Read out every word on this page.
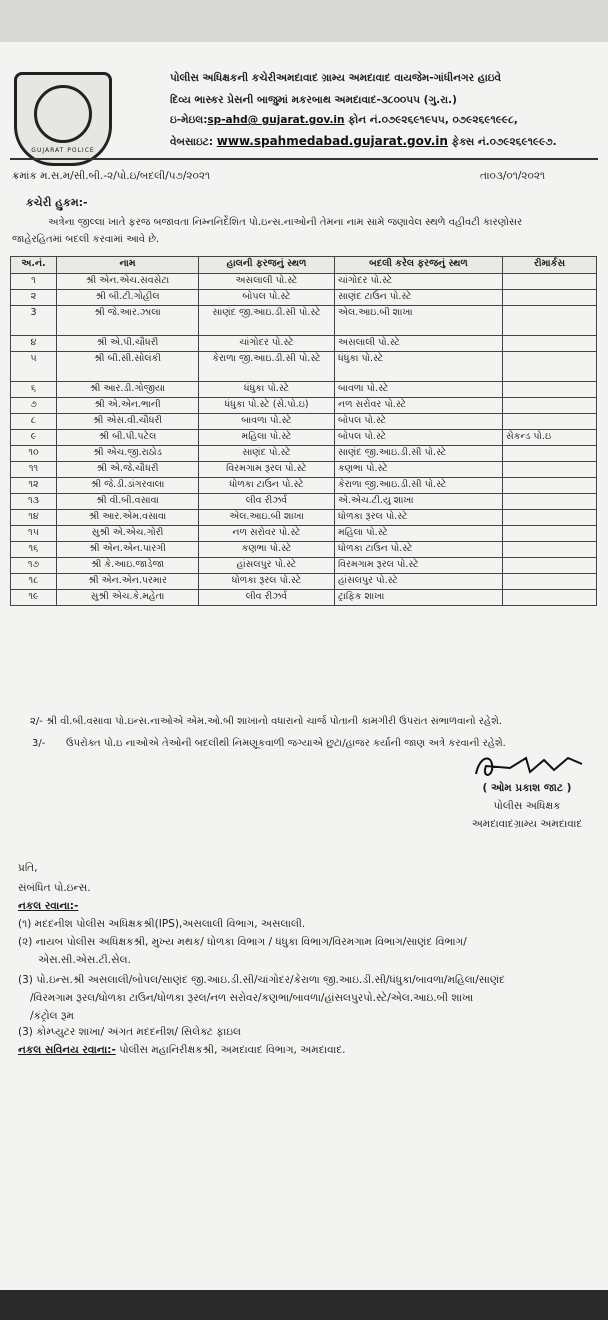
GUJARAT POLICE
પોલીસ અધિક્ષકની કચેરીઅમદાવાદ ગ્રામ્ય અમદાવાદ વાયજેમ-ગાંધીનગર હાઇવે
દિવ્ય ભાસ્કર પ્રેસની બાજુમાં મકરબાથ અમદાવાદ-૩૮૦૦૫૫ (ગુ.રા.)
ઇ-મેઇલ:sp-ahd@ gujarat.gov.in ફોન નં.૦૭૯૨૬૯૧૯૫૫, ૦૭૯૨૬૯૧૯૯૮,
વેબસાઇટ: www.spahmedabad.gujarat.gov.in ફેક્સ નં.૦૭૯૨૬૯૧૯૯૭.
ક્રમાંક મ.સ.મ/સી.બી.-૨/પો.ઇ/બદલી/૫૭/૨૦૨૧	તા૦૩/૦૧/૨૦૨૧
કચેરી હુકમ:-
અત્રેના જીલ્લા ખાતે ફરજ બજાવતા નિમ્નનિર્દેશિત પો.ઇન્સ.નાઓની તેમના નામ સામે જણાવેલ સ્થળે વહીવટી કારણોસર
જાહેરહિતમાં બદલી કરવામાં આવે છે.
અ.નં.	નામ	હાલની ફરજનું સ્થળ	બદલી કરેલ ફરજનું સ્થળ	રીમાર્કસ
૧	શ્રી એન.એચ.સવસેટા	અસલાલી પો.સ્ટે	ચાંગોદર પો.સ્ટે	
૨	શ્રી બી.ટી.ગોહીલ	બોપલ પો.સ્ટે	સાણંદ ટાઉન પો.સ્ટે	
3	શ્રી જે.આર.ઝાલા	સાણંદ જી.આઇ.ડી.સી પો.સ્ટે	એલ.આઇ.બી શાખા	
૪	શ્રી એ.પી.ચૌધરી	ચાંગોદર પો.સ્ટે	અસલાલી પો.સ્ટે	
૫	શ્રી બી.સી.સોલંકી	કેરાળા જી.આઇ.ડી.સી પો.સ્ટે	ધંધુકા પો.સ્ટે	
૬	શ્રી આર.ડી.ગોજીયા	ધંધુકા પો.સ્ટે	બાવળા પો.સ્ટે	
૭	શ્રી એ.એન.ભાની	ધંધુકા પો.સ્ટે (સે.પો.ઇ)	નળ સરોવર પો.સ્ટે	
૮	શ્રી એસ.વી.ચૌધરી	બાવળા પો.સ્ટે	બોપલ પો.સ્ટે	
૯	શ્રી બી.પી.પટેલ	મહિલા પો.સ્ટે	બોપલ પો.સ્ટે	સેકન્ડ પો.ઇ
૧૦	શ્રી એચ.જી.રાઠોડ	સાણંદ પો.સ્ટે	સાણંદ જી.આઇ.ડી.સી પો.સ્ટે	
૧૧	શ્રી એ.જે.ચૌધરી	વિરમગામ રૂરલ પો.સ્ટે	કણભા પો.સ્ટે	
૧૨	શ્રી જે.ડી.ડાંગરવાલા	ધોળકા ટાઉન પો.સ્ટે	કેરાળા જી.આઇ.ડી.સી પો.સ્ટે	
૧૩	શ્રી વી.બી.વસાવા	લીવ રીઝર્વ	એ.એચ.ટી.યુ શાખા	
૧૪	શ્રી આર.એમ.વસાવા	એલ.આઇ.બી શાખા	ધોળકા રૂરલ પો.સ્ટે	
૧૫	સુશ્રી એ.એચ.ગોરી	નળ સરોવર પો.સ્ટે	મહિલા પો.સ્ટે	
૧૬	શ્રી એન.એન.પારગી	કણભા પો.સ્ટે	ધોળકા ટાઉન પો.સ્ટે	
૧૭	શ્રી કે.આઇ.જાડેજા	હાંસલપુર પો.સ્ટે	વિરમગામ રૂરલ પો.સ્ટે	
૧૮	શ્રી એન.એન.પરમાર	ધોળકા રૂરલ પો.સ્ટે	હાંસલપુર પો.સ્ટે	
૧૯	સુશ્રી એચ.કે.મહેતા	લીવ રીઝર્વ	ટ્રાફિક શાખા	
૨/- શ્રી વી.બી.વસાવા પો.ઇન્સ.નાઓએ એમ.ઓ.બી શાખાનો વધારાનો ચાર્જ પોતાની કામગીરી ઉપરાંત સંભાળવાનો રહેશે.
3/- ઉપરોક્ત પો.ઇ નાઓએ તેઓની બદલીથી નિમણૂકવાળી જગ્યાએ છુટા/હાજર કર્યાની જાણ અત્રે કરવાની રહેશે.
( ઓમ પ્રકાશ જાટ )
પોલીસ અધિક્ષક
અમદાવાદગ્રામ્ય અમદાવાદ
પ્રતિ,
સંબંધિત પો.ઇન્સ.
નકલ રવાના:-
(૧) મદદનીશ પોલીસ અધિક્ષકશ્રી(IPS),અસલાલી વિભાગ, અસલાલી.
(૨) નાયબ પોલીસ અધિક્ષકશ્રી, મુખ્ય મથક/ ધોળકા વિભાગ / ધંધુકા વિભાગ/વિરમગામ વિભાગ/સાણંદ વિભાગ/
એસ.સી.એસ.ટી.સેલ.
(3) પો.ઇન્સ.શ્રી અસલાલી/બોપલ/સાણંદ જી.આઇ.ડી.સી/ચાંગોદર/કેરાળા જી.આઇ.ડી.સી/ધંધુકા/બાવળા/મહિલા/સાણંદ
/વિરમગામ રૂરલ/ધોળકા ટાઉન/ધોળકા રૂરલ/નળ સરોવર/કણભા/બાવળા/હાંસલપુરપો.સ્ટે/એલ.આઇ.બી શાખા
/કંટ્રોલ રૂમ
(3) કોમ્પ્યુટર શાખા/ અંગત મદદનીશ/ સિલેક્ટ ફાઇલ
નકલ સવિનય રવાના:- પોલીસ મહાનિરીક્ષકશ્રી, અમદાવાદ વિભાગ, અમદાવાદ.
